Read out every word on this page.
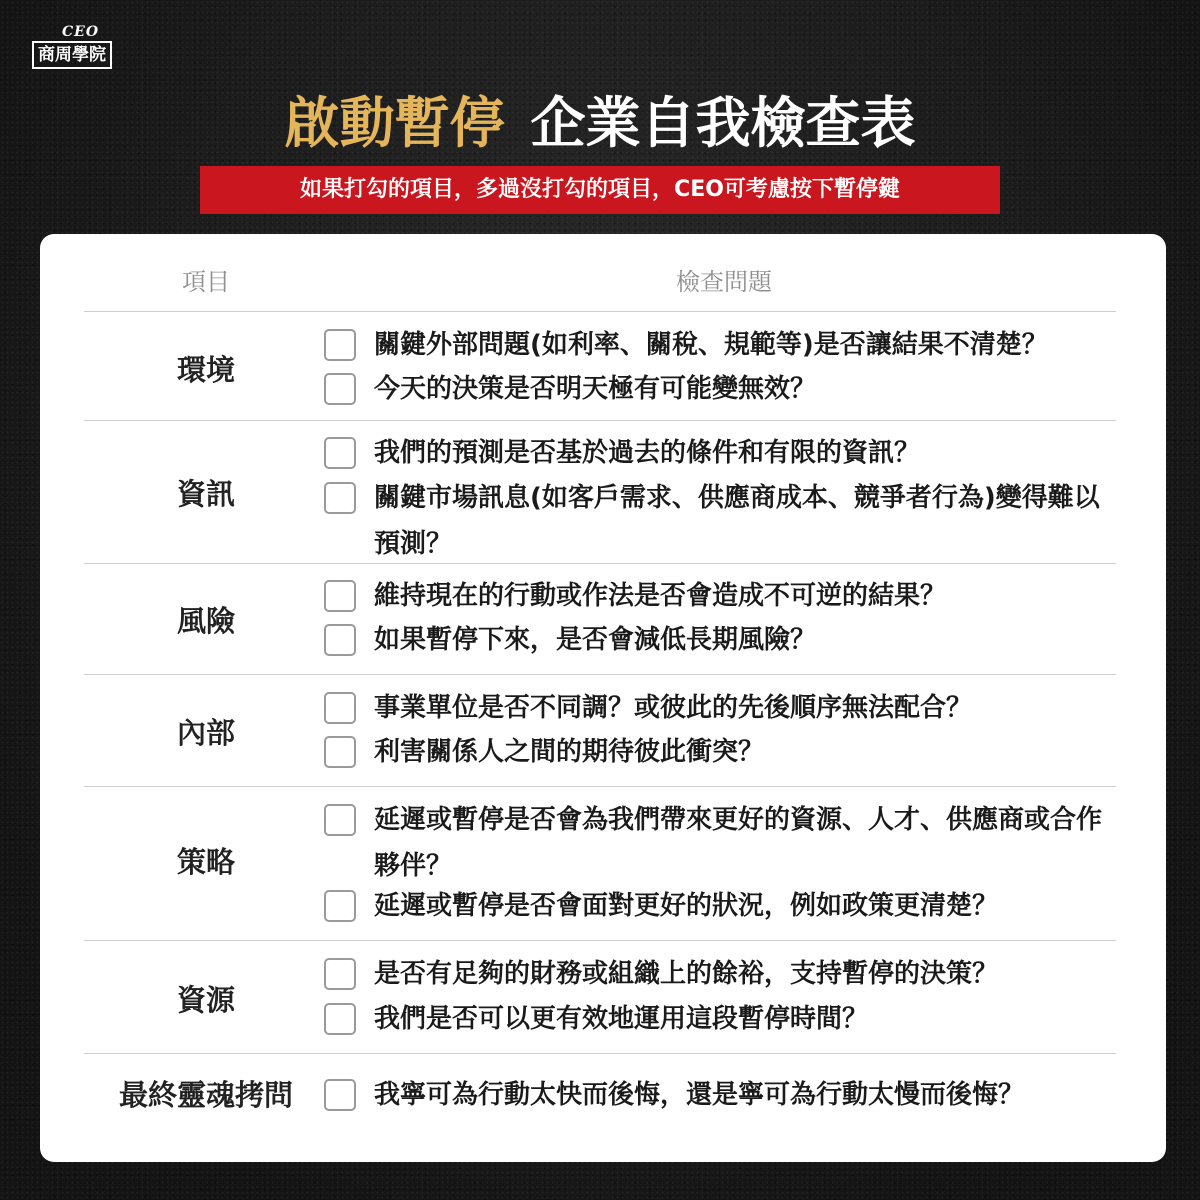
CEO
商周學院
啟動暫停 企業自我檢查表
如果打勾的項目，多過沒打勾的項目，CEO可考慮按下暫停鍵
項目	檢查問題
環境
關鍵外部問題(如利率、關稅、規範等)是否讓結果不清楚？
今天的決策是否明天極有可能變無效？
資訊
我們的預測是否基於過去的條件和有限的資訊？
關鍵市場訊息(如客戶需求、供應商成本、競爭者行為)變得難以預測？
風險
維持現在的行動或作法是否會造成不可逆的結果？
如果暫停下來，是否會減低長期風險？
內部
事業單位是否不同調？或彼此的先後順序無法配合？
利害關係人之間的期待彼此衝突？
策略
延遲或暫停是否會為我們帶來更好的資源、人才、供應商或合作夥伴？
延遲或暫停是否會面對更好的狀況，例如政策更清楚？
資源
是否有足夠的財務或組織上的餘裕，支持暫停的決策？
我們是否可以更有效地運用這段暫停時間？
最終靈魂拷問	我寧可為行動太快而後悔，還是寧可為行動太慢而後悔？
